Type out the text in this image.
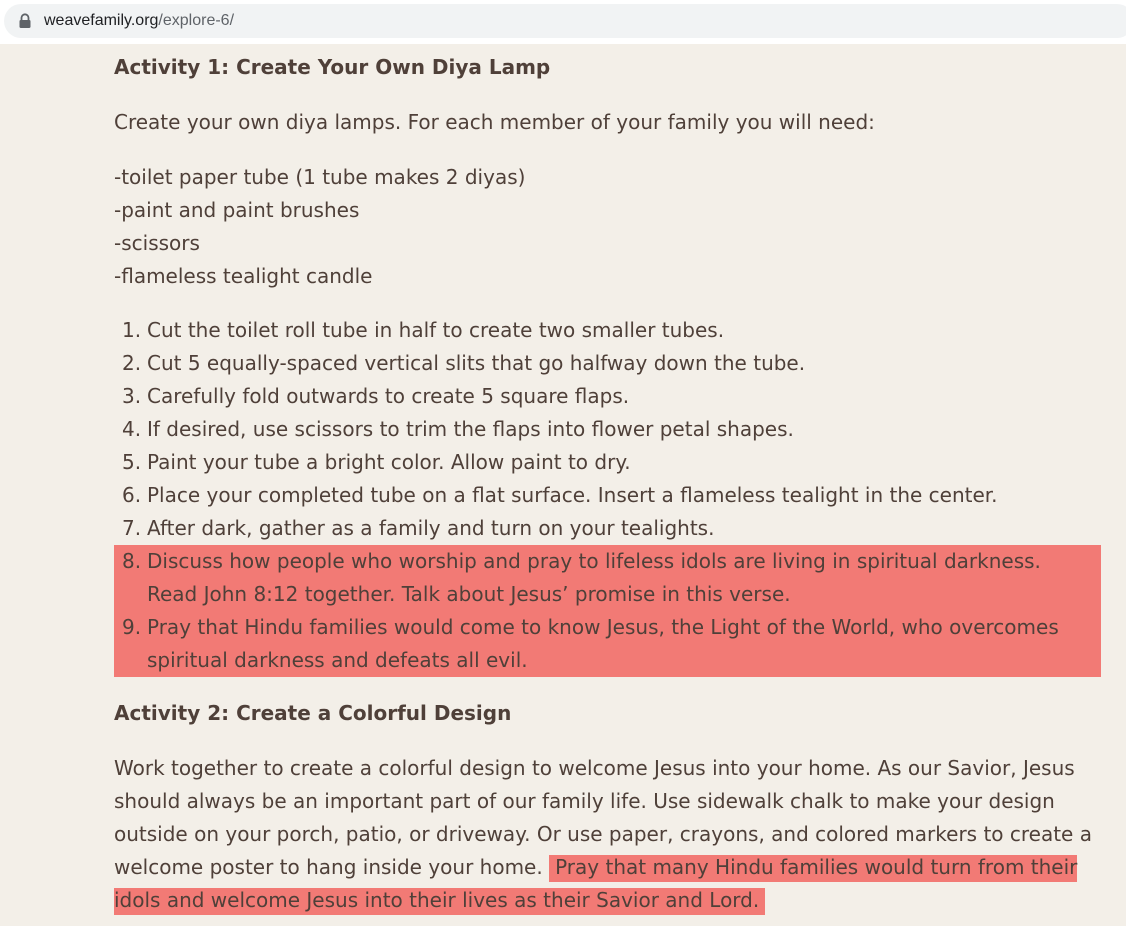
weavefamily.org/explore-6/
Activity 1: Create Your Own Diya Lamp

Create your own diya lamps. For each member of your family you will need:

-toilet paper tube (1 tube makes 2 diyas)
-paint and paint brushes
-scissors
-flameless tealight candle
1. Cut the toilet roll tube in half to create two smaller tubes.
2. Cut 5 equally-spaced vertical slits that go halfway down the tube.
3. Carefully fold outwards to create 5 square flaps.
4. If desired, use scissors to trim the flaps into flower petal shapes.
5. Paint your tube a bright color. Allow paint to dry.
6. Place your completed tube on a flat surface. Insert a flameless tealight in the center.
7. After dark, gather as a family and turn on your tealights.
8. Discuss how people who worship and pray to lifeless idols are living in spiritual darkness. Read John 8:12 together. Talk about Jesus’ promise in this verse.
9. Pray that Hindu families would come to know Jesus, the Light of the World, who overcomes spiritual darkness and defeats all evil.
Activity 2: Create a Colorful Design

Work together to create a colorful design to welcome Jesus into your home. As our Savior, Jesus should always be an important part of our family life. Use sidewalk chalk to make your design outside on your porch, patio, or driveway. Or use paper, crayons, and colored markers to create a welcome poster to hang inside your home. Pray that many Hindu families would turn from their idols and welcome Jesus into their lives as their Savior and Lord.
